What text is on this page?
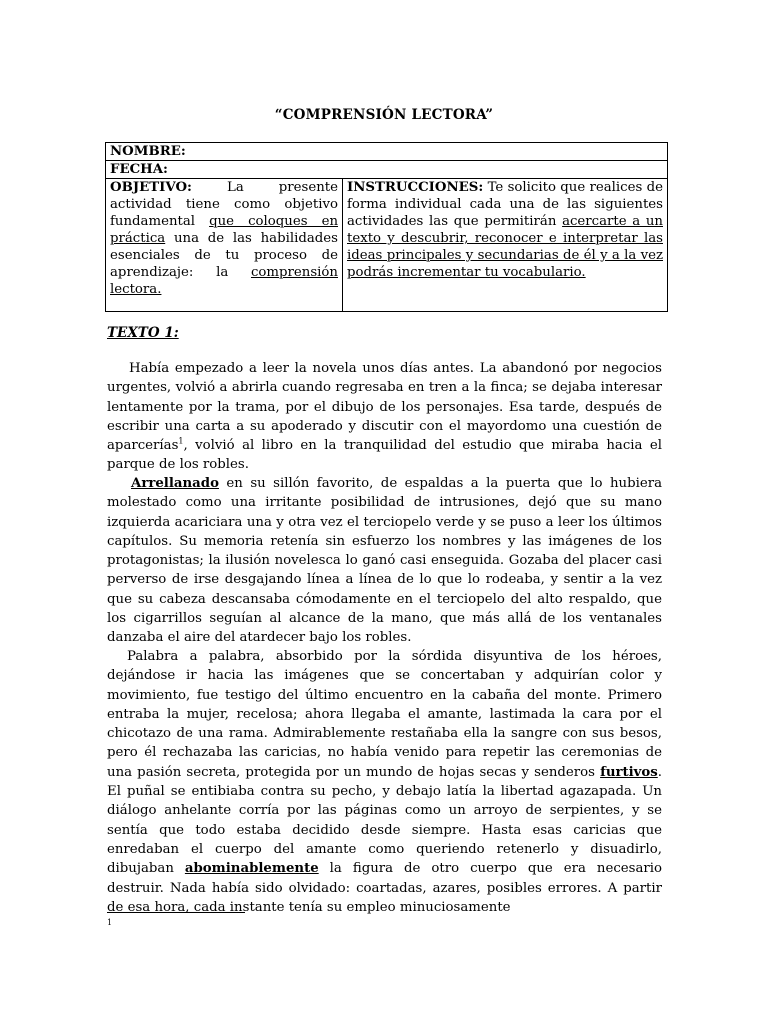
“COMPRENSIÓN LECTORA”
NOMBRE:
FECHA:
OBJETIVO: La presente actividad tiene como objetivo fundamental que coloques en práctica una de las habilidades esenciales de tu proceso de aprendizaje: la comprensión lectora.	INSTRUCCIONES: Te solicito que realices de forma individual cada una de las siguientes actividades las que permitirán acercarte a un texto y descubrir, reconocer e interpretar las ideas principales y secundarias de él y a la vez podrás incrementar tu vocabulario.
TEXTO 1:
Había empezado a leer la novela unos días antes. La abandonó por negocios urgentes, volvió a abrirla cuando regresaba en tren a la finca; se dejaba interesar lentamente por la trama, por el dibujo de los personajes. Esa tarde, después de escribir una carta a su apoderado y discutir con el mayordomo una cuestión de aparcerías$^1$, volvió al libro en la tranquilidad del estudio que miraba hacia el parque de los robles.
Arrellanado en su sillón favorito, de espaldas a la puerta que lo hubiera molestado como una irritante posibilidad de intrusiones, dejó que su mano izquierda acariciara una y otra vez el terciopelo verde y se puso a leer los últimos capítulos. Su memoria retenía sin esfuerzo los nombres y las imágenes de los protagonistas; la ilusión novelesca lo ganó casi enseguida. Gozaba del placer casi perverso de irse desgajando línea a línea de lo que lo rodeaba, y sentir a la vez que su cabeza descansaba cómodamente en el terciopelo del alto respaldo, que los cigarrillos seguían al alcance de la mano, que más allá de los ventanales danzaba el aire del atardecer bajo los robles.
Palabra a palabra, absorbido por la sórdida disyuntiva de los héroes, dejándose ir hacia las imágenes que se concertaban y adquirían color y movimiento, fue testigo del último encuentro en la cabaña del monte. Primero entraba la mujer, recelosa; ahora llegaba el amante, lastimada la cara por el chicotazo de una rama. Admirablemente restañaba ella la sangre con sus besos, pero él rechazaba las caricias, no había venido para repetir las ceremonias de una pasión secreta, protegida por un mundo de hojas secas y senderos furtivos. El puñal se entibiaba contra su pecho, y debajo latía la libertad agazapada. Un diálogo anhelante corría por las páginas como un arroyo de serpientes, y se sentía que todo estaba decidido desde siempre. Hasta esas caricias que enredaban el cuerpo del amante como queriendo retenerlo y disuadirlo, dibujaban abominablemente la figura de otro cuerpo que era necesario destruir. Nada había sido olvidado: coartadas, azares, posibles errores. A partir de esa hora, cada instante tenía su empleo minuciosamente
1
